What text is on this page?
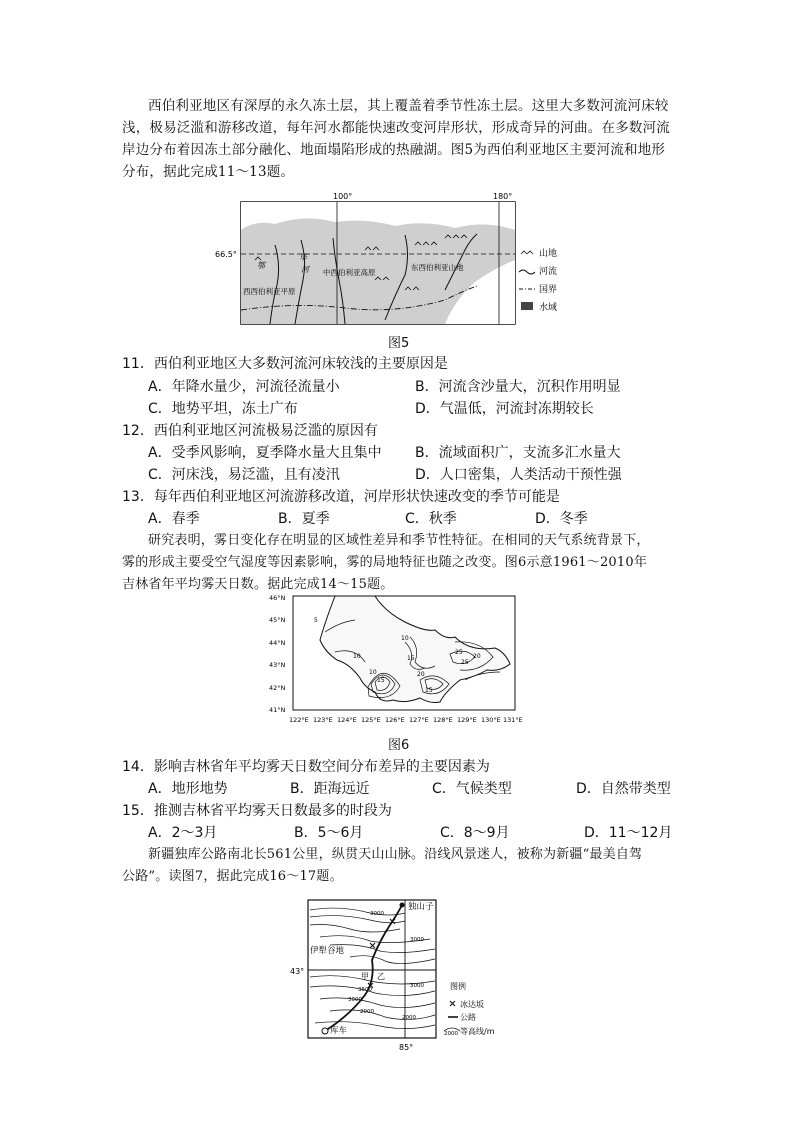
西伯利亚地区有深厚的永久冻土层，其上覆盖着季节性冻土层。这里大多数河流河床较
浅，极易泛滥和游移改道，每年河水都能快速改变河岸形状，形成奇异的河曲。在多数河流
岸边分布着因冻土部分融化、地面塌陷形成的热融湖。图5为西伯利亚地区主要河流和地形
分布，据此完成11～13题。
100°	180°
66.5°
鄂
毕
河
西西伯利亚平原
中西伯利亚高原
东西伯利亚山地
山地
河流
国界
水域
图5
11．西伯利亚地区大多数河流河床较浅的主要原因是
A．年降水量少，河流径流量小	B．河流含沙量大，沉积作用明显
C．地势平坦，冻土广布	D．气温低，河流封冻期较长
12．西伯利亚地区河流极易泛滥的原因有
A．受季风影响，夏季降水量大且集中 B．流域面积广，支流多汇水量大
C．河床浅，易泛滥，且有凌汛	D．人口密集，人类活动干预性强
13．每年西伯利亚地区河流游移改道，河岸形状快速改变的季节可能是
A．春季	B．夏季	C．秋季	D．冬季
研究表明，雾日变化存在明显的区域性差异和季节性特征。在相同的天气系统背景下，
雾的形成主要受空气湿度等因素影响，雾的局地特征也随之改变。图6示意1961～2010年
吉林省年平均雾天日数。据此完成14～15题。
46°N
45°N
44°N
43°N
42°N
41°N
122°E 123°E 124°E 125°E 126°E 127°E 128°E 129°E 130°E 131°E
5
10
10
15
10
15
20
25
25
20
15
图6
14．影响吉林省年平均雾天日数空间分布差异的主要因素为
A．地形地势	B．距海远近	C．气候类型	D．自然带类型
15．推测吉林省平均雾天日数最多的时段为
A．2～3月	B．5～6月	C．8～9月	D．11～12月
新疆独库公路南北长561公里，纵贯天山山脉。沿线风景迷人，被称为新疆“最美自驾
公路”。读图7，据此完成16～17题。
独山子
伊犁谷地
库车
甲 乙
43°
85°
3000
3000
3500
3000
2000
3000
2000
图例
冰达坂
公路
2000 等高线/m
